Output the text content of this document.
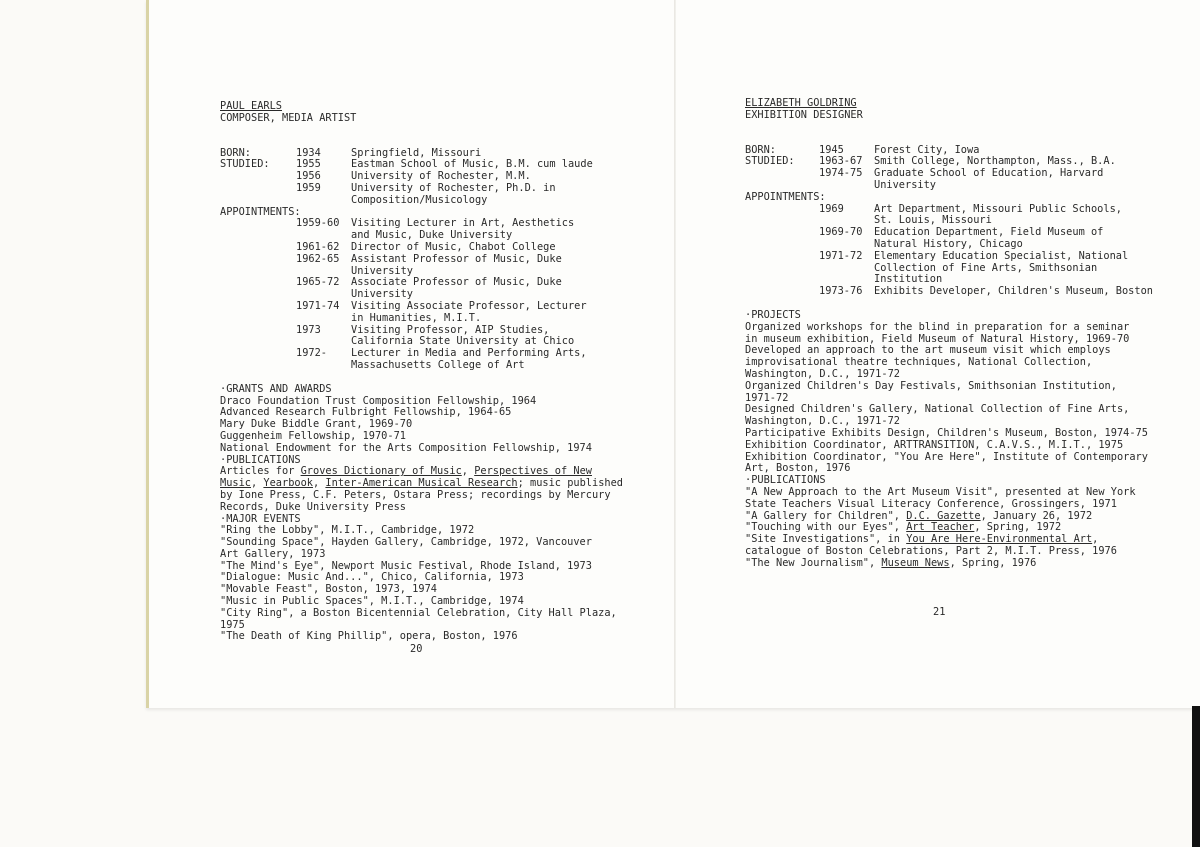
PAUL EARLS
COMPOSER, MEDIA ARTIST
BORN:	1934	Springfield, Missouri
STUDIED:	1955	Eastman School of Music, B.M. cum laude
1956	University of Rochester, M.M.
1959	University of Rochester, Ph.D. in
Composition/Musicology
APPOINTMENTS:
1959-60	Visiting Lecturer in Art, Aesthetics
and Music, Duke University
1961-62	Director of Music, Chabot College
1962-65	Assistant Professor of Music, Duke
University
1965-72	Associate Professor of Music, Duke
University
1971-74	Visiting Associate Professor, Lecturer
in Humanities, M.I.T.
1973	Visiting Professor, AIP Studies,
California State University at Chico
1972-	Lecturer in Media and Performing Arts,
Massachusetts College of Art
·GRANTS AND AWARDS
Draco Foundation Trust Composition Fellowship, 1964
Advanced Research Fulbright Fellowship, 1964-65
Mary Duke Biddle Grant, 1969-70
Guggenheim Fellowship, 1970-71
National Endowment for the Arts Composition Fellowship, 1974
·PUBLICATIONS
Articles for Groves Dictionary of Music, Perspectives of New
Music, Yearbook, Inter-American Musical Research; music published
by Ione Press, C.F. Peters, Ostara Press; recordings by Mercury
Records, Duke University Press
·MAJOR EVENTS
"Ring the Lobby", M.I.T., Cambridge, 1972
"Sounding Space", Hayden Gallery, Cambridge, 1972, Vancouver
Art Gallery, 1973
"The Mind's Eye", Newport Music Festival, Rhode Island, 1973
"Dialogue: Music And...", Chico, California, 1973
"Movable Feast", Boston, 1973, 1974
"Music in Public Spaces", M.I.T., Cambridge, 1974
"City Ring", a Boston Bicentennial Celebration, City Hall Plaza,
1975
"The Death of King Phillip", opera, Boston, 1976
20
ELIZABETH GOLDRING
EXHIBITION DESIGNER
BORN:	1945	Forest City, Iowa
STUDIED:	1963-67	Smith College, Northampton, Mass., B.A.
1974-75	Graduate School of Education, Harvard
University
APPOINTMENTS:
1969	Art Department, Missouri Public Schools,
St. Louis, Missouri
1969-70	Education Department, Field Museum of
Natural History, Chicago
1971-72	Elementary Education Specialist, National
Collection of Fine Arts, Smithsonian
Institution
1973-76	Exhibits Developer, Children's Museum, Boston
·PROJECTS
Organized workshops for the blind in preparation for a seminar
in museum exhibition, Field Museum of Natural History, 1969-70
Developed an approach to the art museum visit which employs
improvisational theatre techniques, National Collection,
Washington, D.C., 1971-72
Organized Children's Day Festivals, Smithsonian Institution,
1971-72
Designed Children's Gallery, National Collection of Fine Arts,
Washington, D.C., 1971-72
Participative Exhibits Design, Children's Museum, Boston, 1974-75
Exhibition Coordinator, ARTTRANSITION, C.A.V.S., M.I.T., 1975
Exhibition Coordinator, "You Are Here", Institute of Contemporary
Art, Boston, 1976
·PUBLICATIONS
"A New Approach to the Art Museum Visit", presented at New York
State Teachers Visual Literacy Conference, Grossingers, 1971
"A Gallery for Children", D.C. Gazette, January 26, 1972
"Touching with our Eyes", Art Teacher, Spring, 1972
"Site Investigations", in You Are Here-Environmental Art,
catalogue of Boston Celebrations, Part 2, M.I.T. Press, 1976
"The New Journalism", Museum News, Spring, 1976
21
